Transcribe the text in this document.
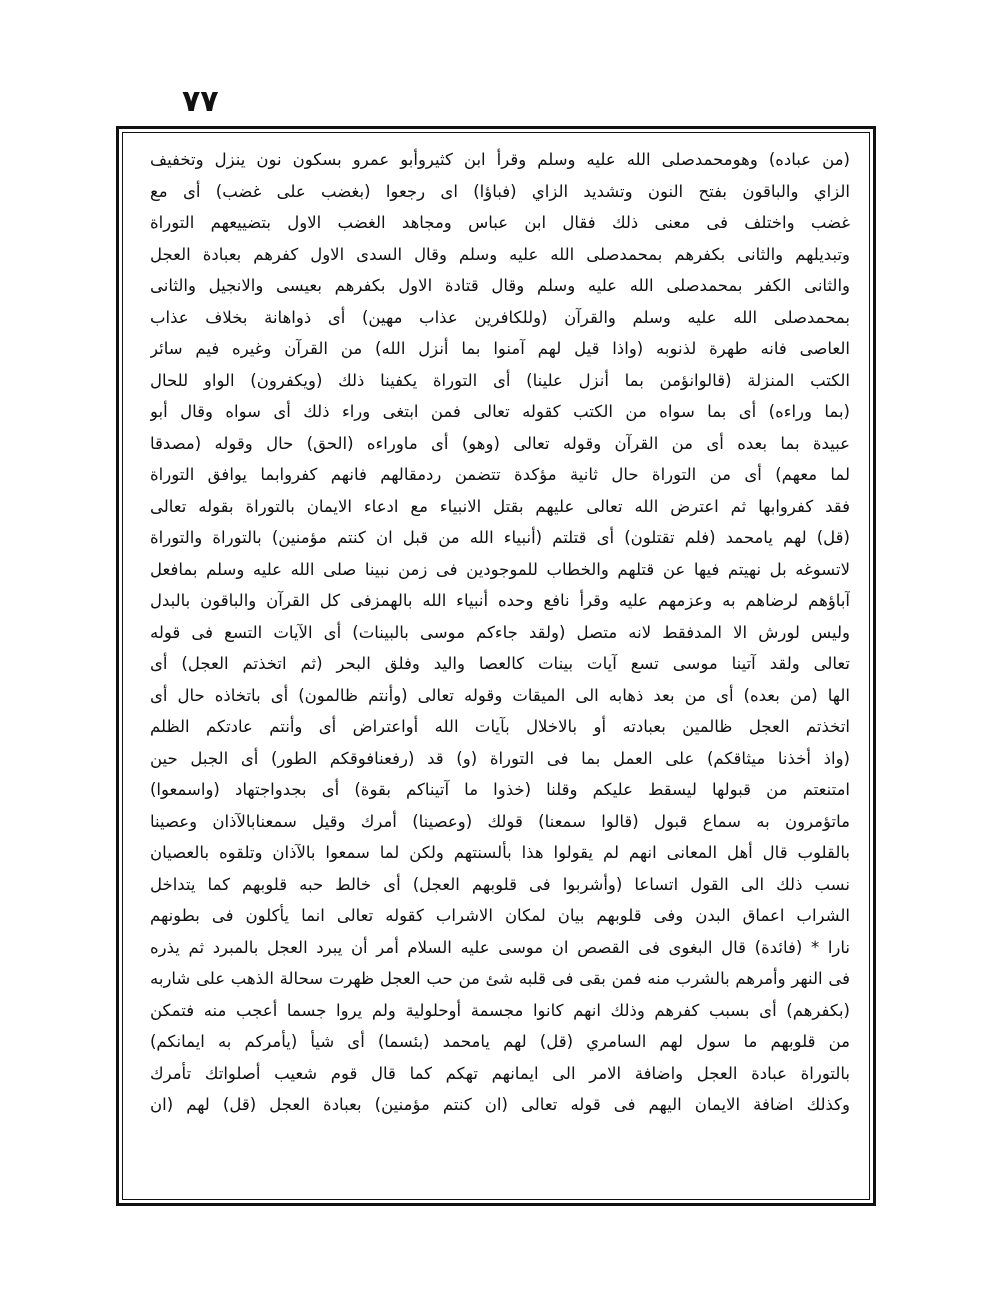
٧٧
(من عباده) وهومحمدصلى الله عليه وسلم وقرأ ابن كثيروأبو عمرو بسكون نون ينزل وتخفيف
الزاي والباقون بفتح النون وتشديد الزاي (فباؤا) اى رجعوا (بغضب على غضب) أى مع
غضب واختلف فى معنى ذلك فقال ابن عباس ومجاهد الغضب الاول بتضييعهم التوراة
وتبديلهم والثانى بكفرهم بمحمدصلى الله عليه وسلم وقال السدى الاول كفرهم بعبادة العجل
والثانى الكفر بمحمدصلى الله عليه وسلم وقال قتادة الاول بكفرهم بعيسى والانجيل والثانى
بمحمدصلى الله عليه وسلم والقرآن (وللكافرين عذاب مهين) أى ذواهانة بخلاف عذاب
العاصى فانه طهرة لذنوبه (واذا قيل لهم آمنوا بما أنزل الله) من القرآن وغيره فيم سائر
الكتب المنزلة (قالوانؤمن بما أنزل علينا) أى التوراة يكفينا ذلك (ويكفرون) الواو للحال
(بما وراءه) أى بما سواه من الكتب كقوله تعالى فمن ابتغى وراء ذلك أى سواه وقال أبو
عبيدة بما بعده أى من القرآن وقوله تعالى (وهو) أى ماوراءه (الحق) حال وقوله (مصدقا
لما معهم) أى من التوراة حال ثانية مؤكدة تتضمن ردمقالهم فانهم كفروابما يوافق التوراة
فقد كفروابها ثم اعترض الله تعالى عليهم بقتل الانبياء مع ادعاء الايمان بالتوراة بقوله تعالى
(قل) لهم يامحمد (فلم تقتلون) أى قتلتم (أنبياء الله من قبل ان كنتم مؤمنين) بالتوراة والتوراة
لاتسوغه بل نهيتم فيها عن قتلهم والخطاب للموجودين فى زمن نبينا صلى الله عليه وسلم بمافعل
آباؤهم لرضاهم به وعزمهم عليه وقرأ نافع وحده أنبياء الله بالهمزفى كل القرآن والباقون بالبدل
وليس لورش الا المدفقط لانه متصل (ولقد جاءكم موسى بالبينات) أى الآيات التسع فى قوله
تعالى ولقد آتينا موسى تسع آيات بينات كالعصا واليد وفلق البحر (ثم اتخذتم العجل) أى
الها (من بعده) أى من بعد ذهابه الى الميقات وقوله تعالى (وأنتم ظالمون) أى باتخاذه حال أى
اتخذتم العجل ظالمين بعبادته أو بالاخلال بآيات الله أواعتراض أى وأنتم عادتكم الظلم
(واذ أخذنا ميثاقكم) على العمل بما فى التوراة (و) قد (رفعنافوقكم الطور) أى الجبل حين
امتنعتم من قبولها ليسقط عليكم وقلنا (خذوا ما آتيناكم بقوة) أى بجدواجتهاد (واسمعوا)
ماتؤمرون به سماع قبول (قالوا سمعنا) قولك (وعصينا) أمرك وقيل سمعنابالآذان وعصينا
بالقلوب قال أهل المعانى انهم لم يقولوا هذا بألسنتهم ولكن لما سمعوا بالآذان وتلقوه بالعصيان
نسب ذلك الى القول اتساعا (وأشربوا فى قلوبهم العجل) أى خالط حبه قلوبهم كما يتداخل
الشراب اعماق البدن وفى قلوبهم بيان لمكان الاشراب كقوله تعالى انما يأكلون فى بطونهم
نارا * (فائدة) قال البغوى فى القصص ان موسى عليه السلام أمر أن يبرد العجل بالمبرد ثم يذره
فى النهر وأمرهم بالشرب منه فمن بقى فى قلبه شئ من حب العجل ظهرت سحالة الذهب على شاربه
(بكفرهم) أى بسبب كفرهم وذلك انهم كانوا مجسمة أوحلولية ولم يروا جسما أعجب منه فتمكن
من قلوبهم ما سول لهم السامري (قل) لهم يامحمد (بئسما) أى شيأ (يأمركم به ايمانكم)
بالتوراة عبادة العجل واضافة الامر الى ايمانهم تهكم كما قال قوم شعيب أصلواتك تأمرك
وكذلك اضافة الايمان اليهم فى قوله تعالى (ان كنتم مؤمنين) بعبادة العجل (قل) لهم (ان
